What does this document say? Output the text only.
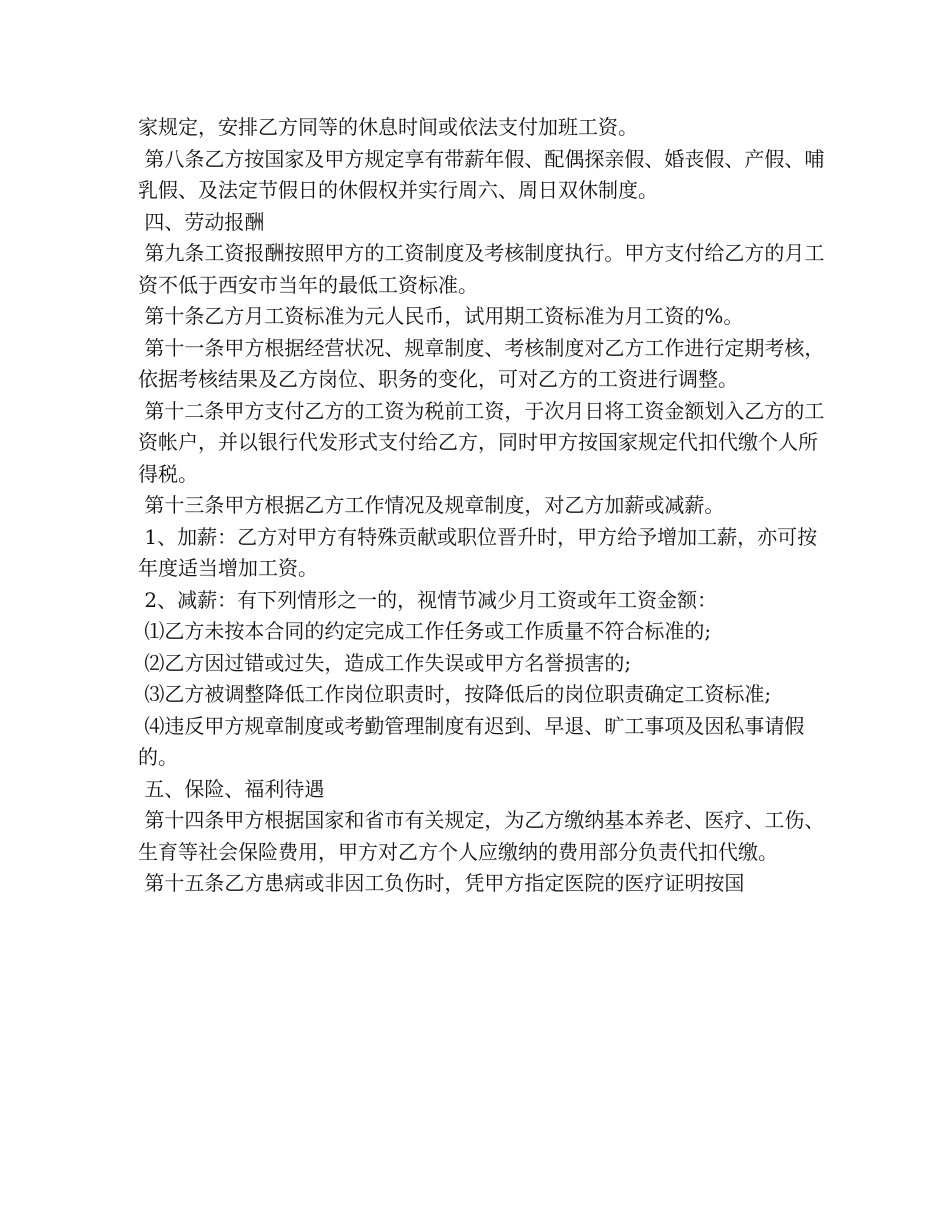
家规定，安排乙方同等的休息时间或依法支付加班工资。

第八条乙方按国家及甲方规定享有带薪年假、配偶探亲假、婚丧假、产假、哺乳假、及法定节假日的休假权并实行周六、周日双休制度。

四、劳动报酬

第九条工资报酬按照甲方的工资制度及考核制度执行。甲方支付给乙方的月工资不低于西安市当年的最低工资标准。

第十条乙方月工资标准为元人民币，试用期工资标准为月工资的%。

第十一条甲方根据经营状况、规章制度、考核制度对乙方工作进行定期考核，依据考核结果及乙方岗位、职务的变化，可对乙方的工资进行调整。

第十二条甲方支付乙方的工资为税前工资，于次月日将工资金额划入乙方的工资帐户，并以银行代发形式支付给乙方，同时甲方按国家规定代扣代缴个人所得税。

第十三条甲方根据乙方工作情况及规章制度，对乙方加薪或减薪。

1、加薪：乙方对甲方有特殊贡献或职位晋升时，甲方给予增加工薪，亦可按年度适当增加工资。

2、减薪：有下列情形之一的，视情节减少月工资或年工资金额：

⑴乙方未按本合同的约定完成工作任务或工作质量不符合标准的;

⑵乙方因过错或过失，造成工作失误或甲方名誉损害的;

⑶乙方被调整降低工作岗位职责时，按降低后的岗位职责确定工资标准;

⑷违反甲方规章制度或考勤管理制度有迟到、早退、旷工事项及因私事请假的。

五、保险、福利待遇

第十四条甲方根据国家和省市有关规定，为乙方缴纳基本养老、医疗、工伤、生育等社会保险费用，甲方对乙方个人应缴纳的费用部分负责代扣代缴。

第十五条乙方患病或非因工负伤时，凭甲方指定医院的医疗证明按国
